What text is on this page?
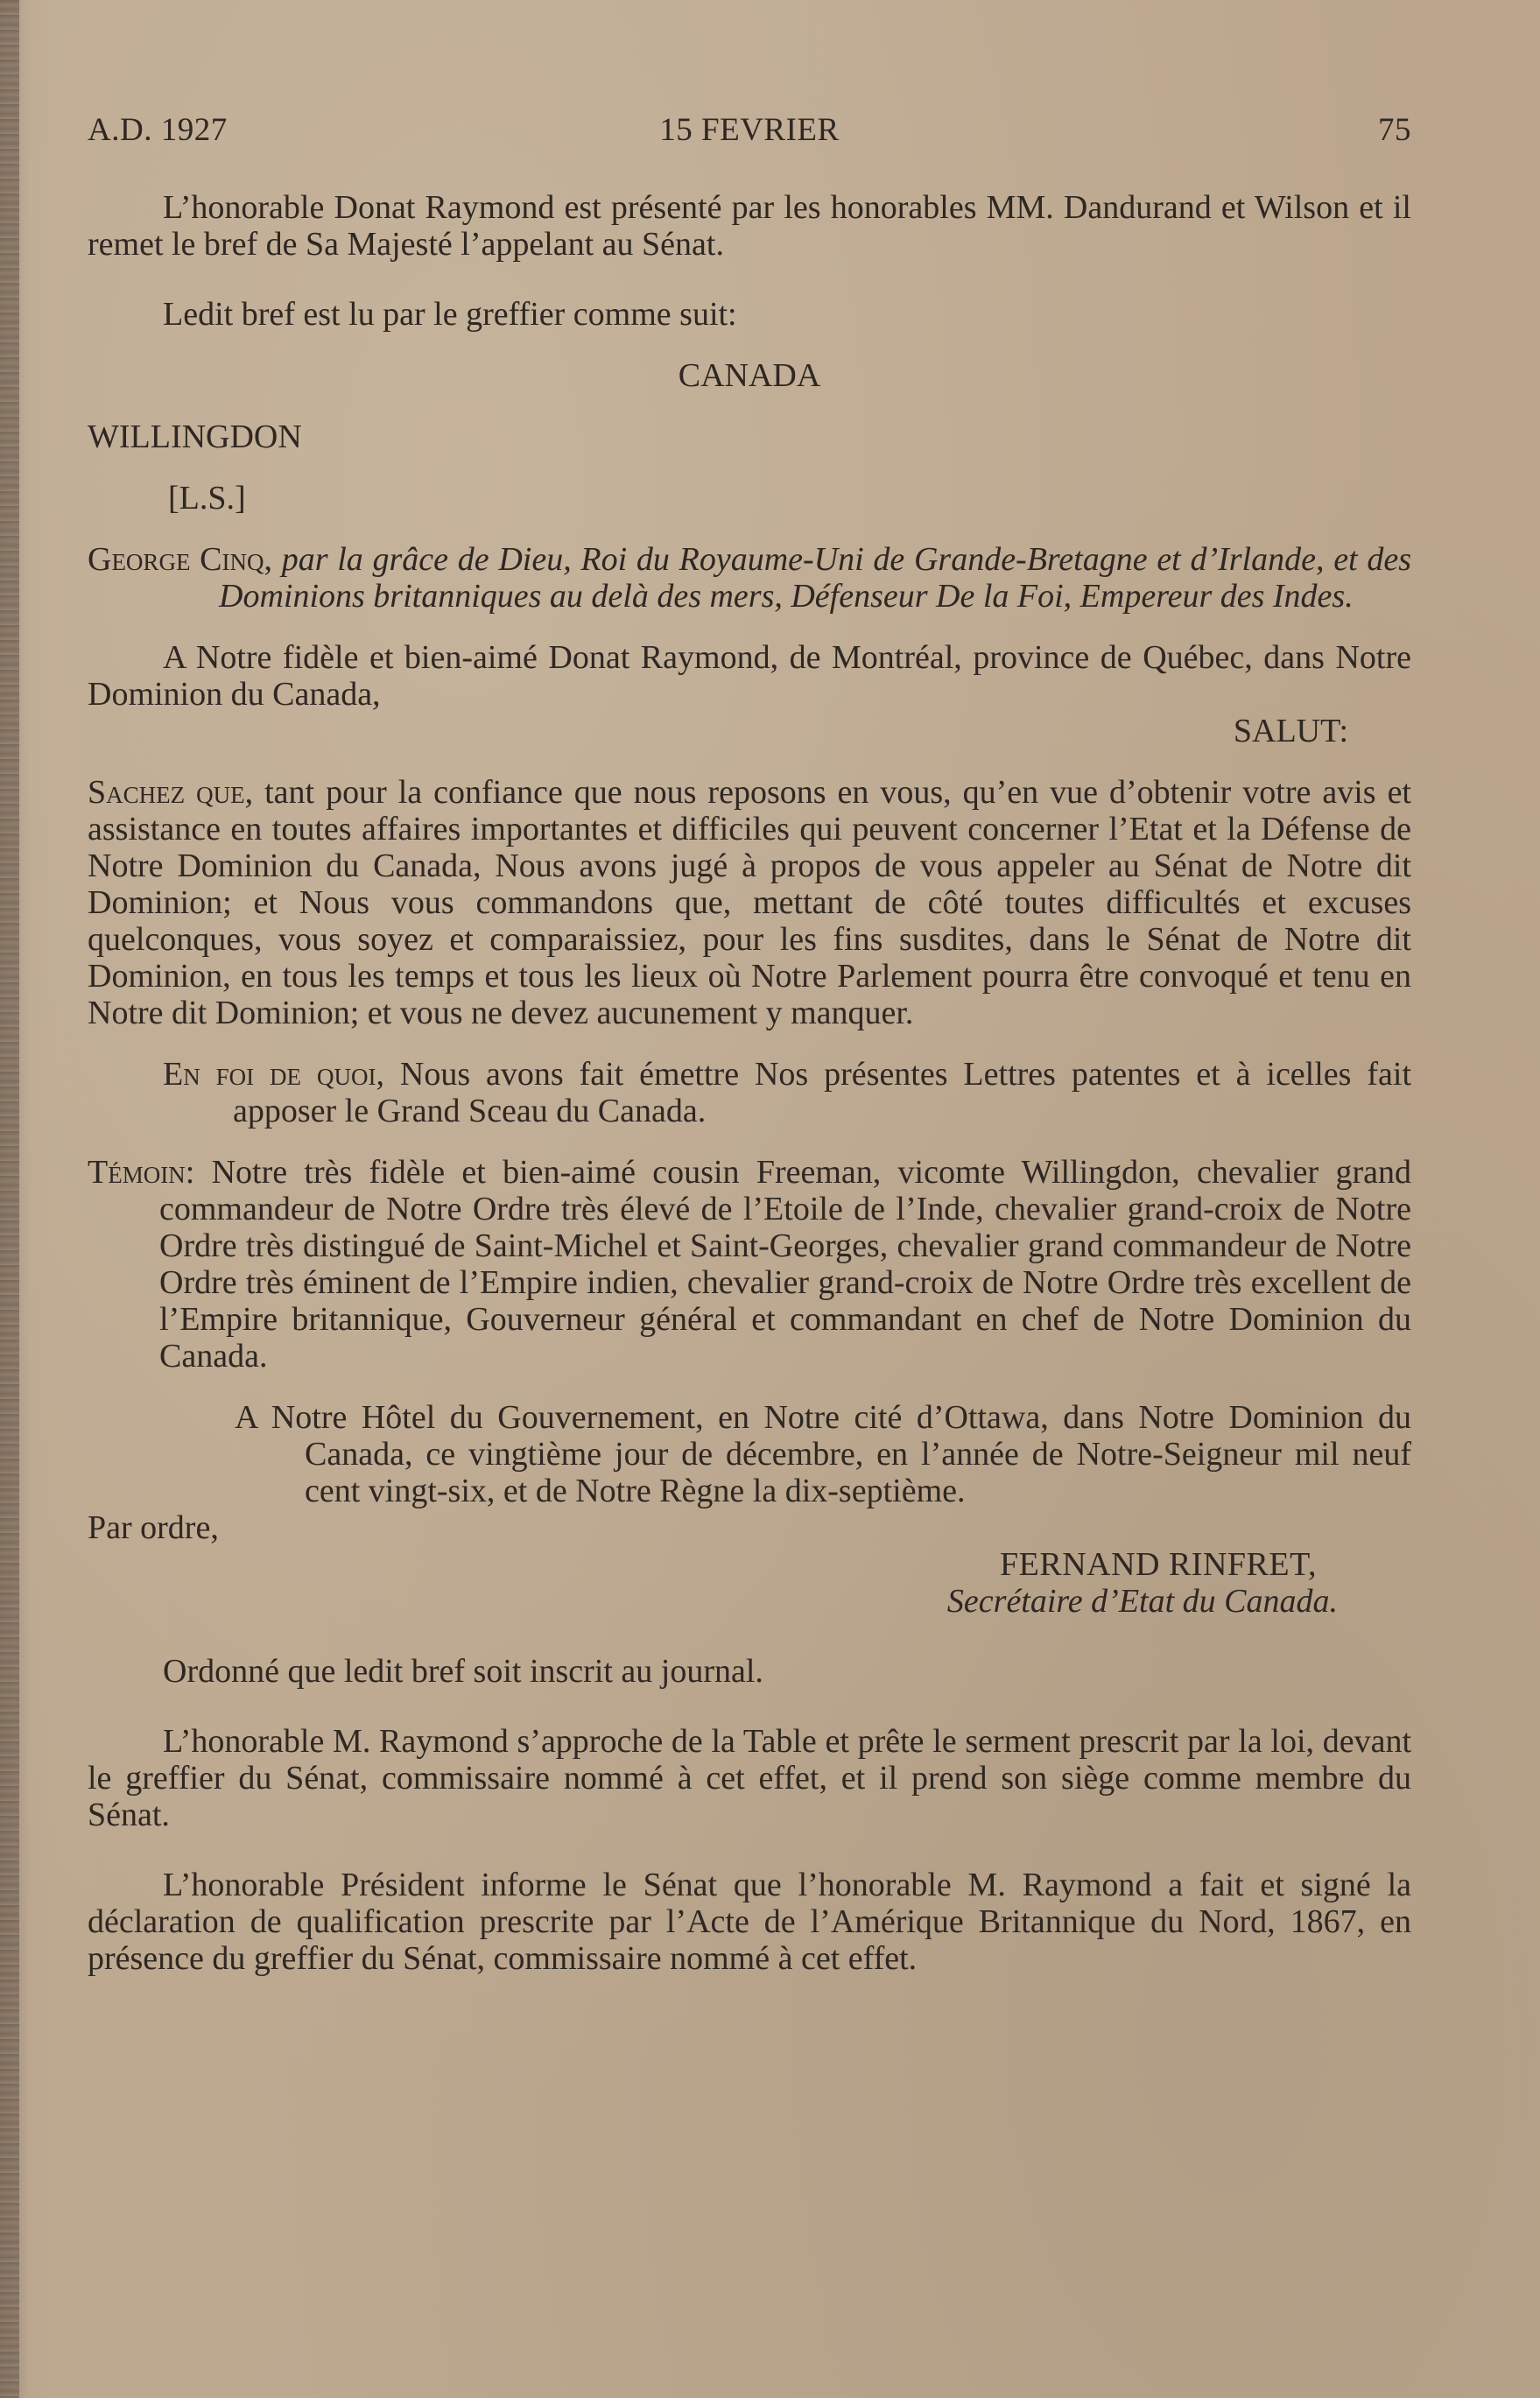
A.D. 1927	15 FEVRIER	75

L’honorable Donat Raymond est présenté par les honorables MM. Dandurand et Wilson et il remet le bref de Sa Majesté l’appelant au Sénat.

Ledit bref est lu par le greffier comme suit:

CANADA

WILLINGDON

[L.S.]

George Cinq, par la grâce de Dieu, Roi du Royaume-Uni de Grande-Bretagne et d’Irlande, et des Dominions britanniques au delà des mers, Défenseur De la Foi, Empereur des Indes.

A Notre fidèle et bien-aimé Donat Raymond, de Montréal, province de Québec, dans Notre Dominion du Canada,

SALUT:

Sachez que, tant pour la confiance que nous reposons en vous, qu’en vue d’obtenir votre avis et assistance en toutes affaires importantes et difficiles qui peuvent concerner l’Etat et la Défense de Notre Dominion du Canada, Nous avons jugé à propos de vous appeler au Sénat de Notre dit Dominion; et Nous vous commandons que, mettant de côté toutes difficultés et excuses quelconques, vous soyez et comparaissiez, pour les fins susdites, dans le Sénat de Notre dit Dominion, en tous les temps et tous les lieux où Notre Parlement pourra être convoqué et tenu en Notre dit Dominion; et vous ne devez aucunement y manquer.

En foi de quoi, Nous avons fait émettre Nos présentes Lettres patentes et à icelles fait apposer le Grand Sceau du Canada.

Témoin: Notre très fidèle et bien-aimé cousin Freeman, vicomte Willingdon, chevalier grand commandeur de Notre Ordre très élevé de l’Etoile de l’Inde, chevalier grand-croix de Notre Ordre très distingué de Saint-Michel et Saint-Georges, chevalier grand commandeur de Notre Ordre très éminent de l’Empire indien, chevalier grand-croix de Notre Ordre très excellent de l’Empire britannique, Gouverneur général et commandant en chef de Notre Dominion du Canada.

A Notre Hôtel du Gouvernement, en Notre cité d’Ottawa, dans Notre Dominion du Canada, ce vingtième jour de décembre, en l’année de Notre-Seigneur mil neuf cent vingt-six, et de Notre Règne la dix-septième.

Par ordre,

FERNAND RINFRET,

Secrétaire d’Etat du Canada.

Ordonné que ledit bref soit inscrit au journal.

L’honorable M. Raymond s’approche de la Table et prête le serment prescrit par la loi, devant le greffier du Sénat, commissaire nommé à cet effet, et il prend son siège comme membre du Sénat.

L’honorable Président informe le Sénat que l’honorable M. Raymond a fait et signé la déclaration de qualification prescrite par l’Acte de l’Amérique Britannique du Nord, 1867, en présence du greffier du Sénat, commissaire nommé à cet effet.
